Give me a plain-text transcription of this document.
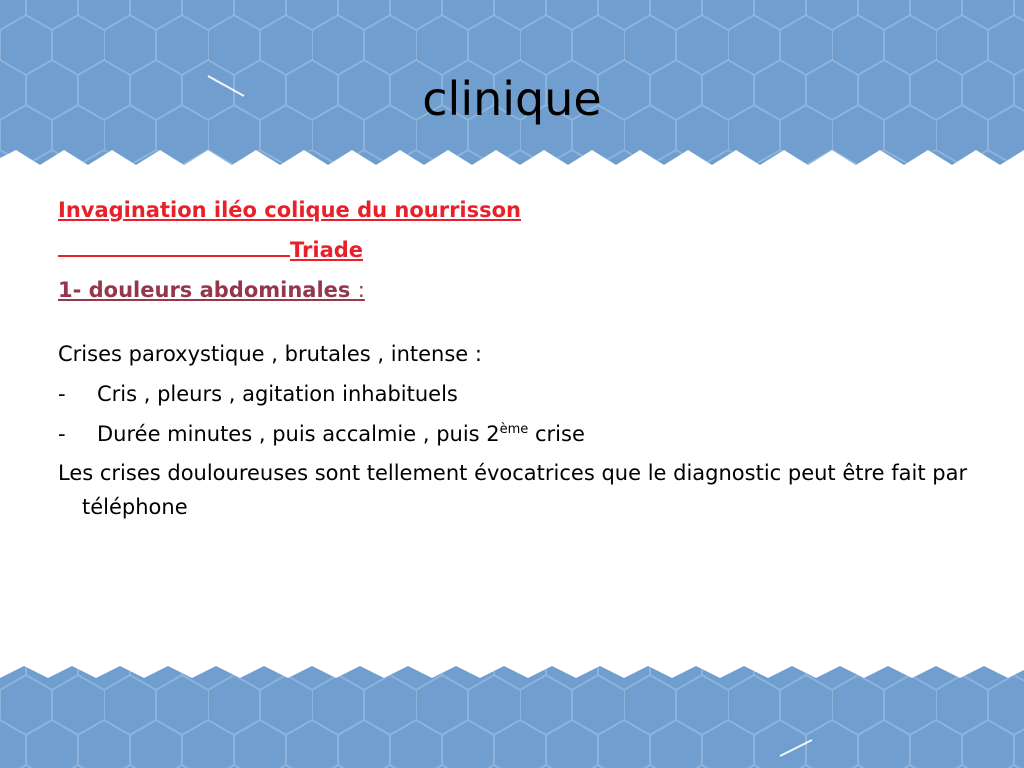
clinique
Invagination iléo colique du nourrisson
Triade
1- douleurs abdominales :
Crises paroxystique , brutales , intense :
-	Cris , pleurs , agitation inhabituels
-	Durée minutes , puis accalmie , puis 2ème crise
Les crises douloureuses sont tellement évocatrices que le diagnostic peut être fait par téléphone
